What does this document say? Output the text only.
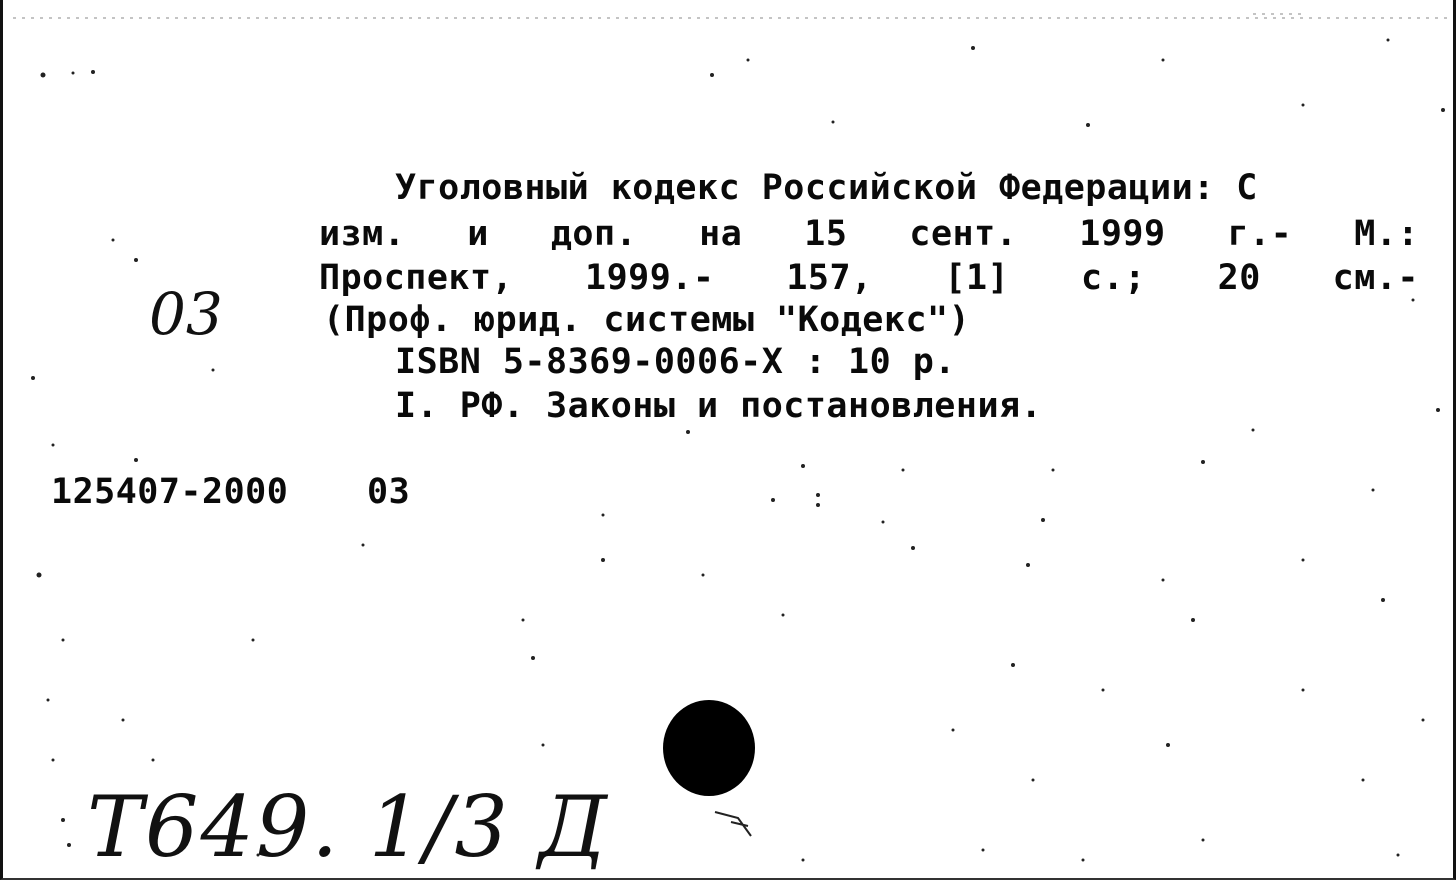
Уголовный кодекс Российской Федерации: С
изм. и доп. на 15 сент. 1999 г.- М.:
Проспект, 1999.- 157, [1] с.; 20 см.-
(Проф. юрид. системы "Кодекс")
ISBN 5-8369-0006-X : 10 р.
I. РФ. Законы и постановления.
125407-2000 03
03
Т649. 1/3 Д
